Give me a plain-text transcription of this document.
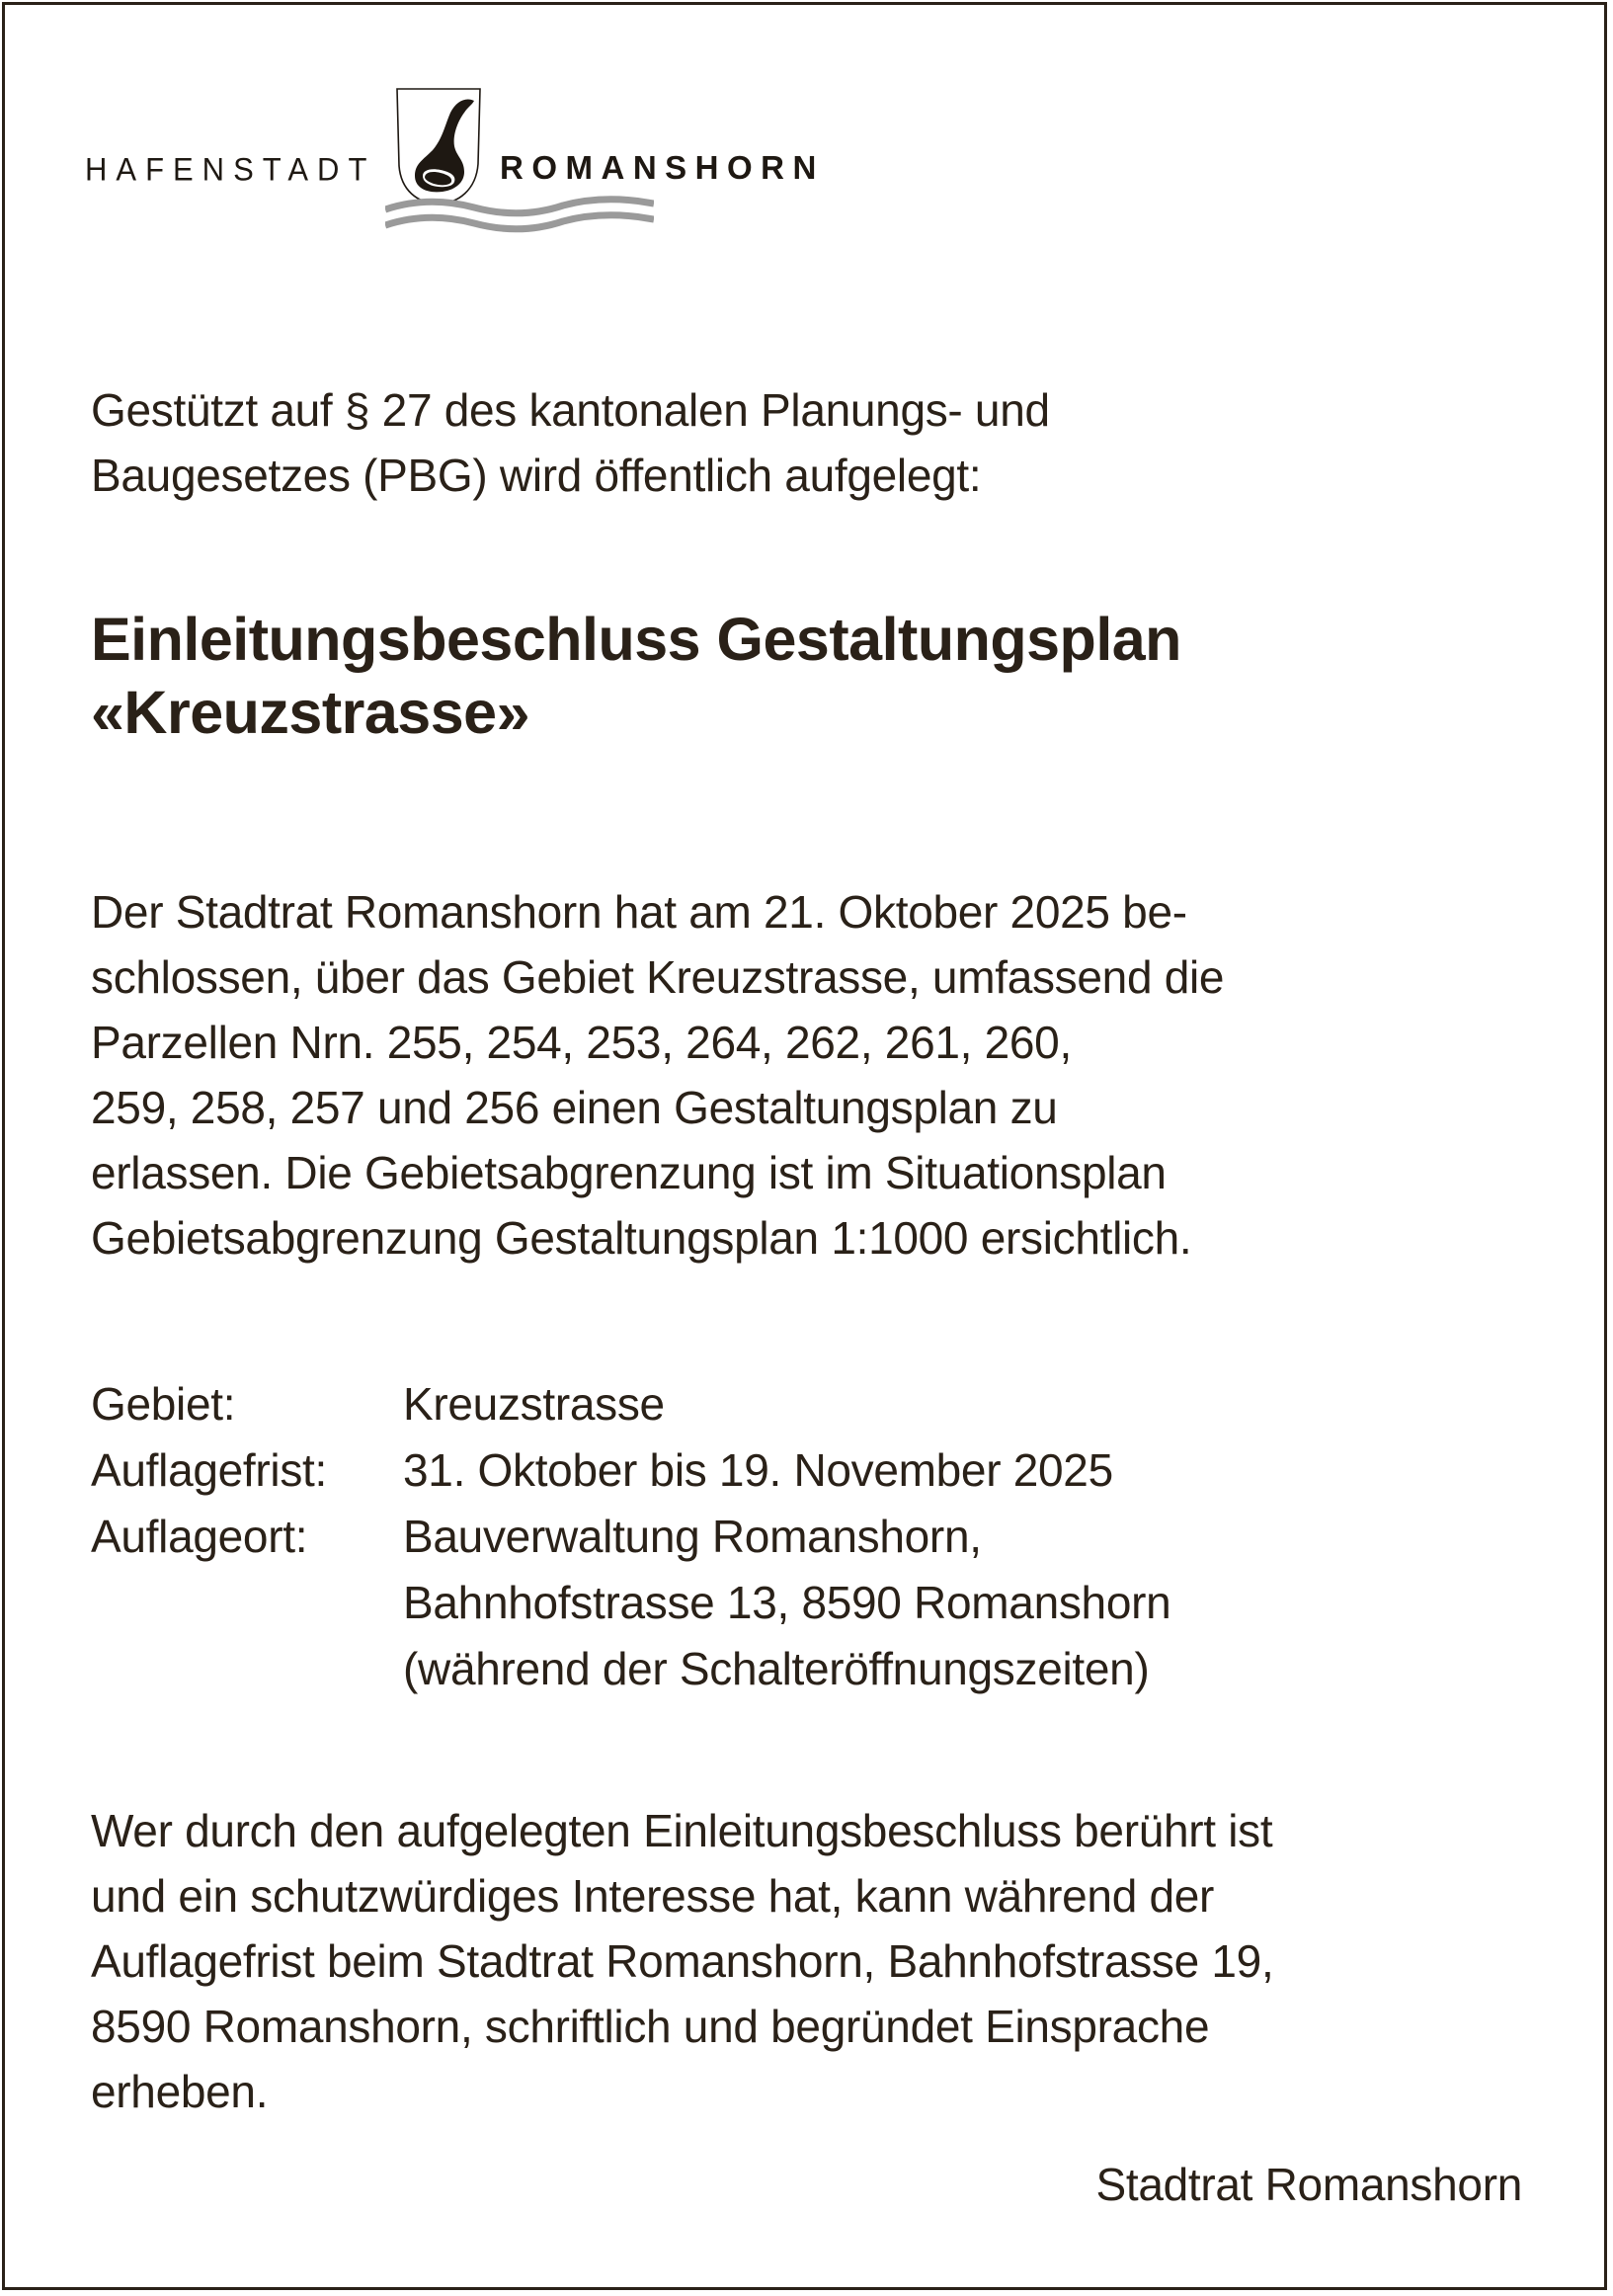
HAFENSTADT	ROMANSHORN
Gestützt auf § 27 des kantonalen Planungs- und
Baugesetzes (PBG) wird öffentlich aufgelegt:
Einleitungsbeschluss Gestaltungsplan
«Kreuzstrasse»
Der Stadtrat Romanshorn hat am 21. Oktober 2025 be-
schlossen, über das Gebiet Kreuzstrasse, umfassend die
Parzellen Nrn. 255, 254, 253, 264, 262, 261, 260,
259, 258, 257 und 256 einen Gestaltungsplan zu
erlassen. Die Gebietsabgrenzung ist im Situationsplan
Gebietsabgrenzung Gestaltungsplan 1:1000 ersichtlich.
Gebiet:	Kreuzstrasse
Auflagefrist:	31. Oktober bis 19. November 2025
Auflageort:	Bauverwaltung Romanshorn,
Bahnhofstrasse 13, 8590 Romanshorn
(während der Schalteröffnungszeiten)
Wer durch den aufgelegten Einleitungsbeschluss berührt ist
und ein schutzwürdiges Interesse hat, kann während der
Auflagefrist beim Stadtrat Romanshorn, Bahnhofstrasse 19,
8590 Romanshorn, schriftlich und begründet Einsprache
erheben.
Stadtrat Romanshorn
